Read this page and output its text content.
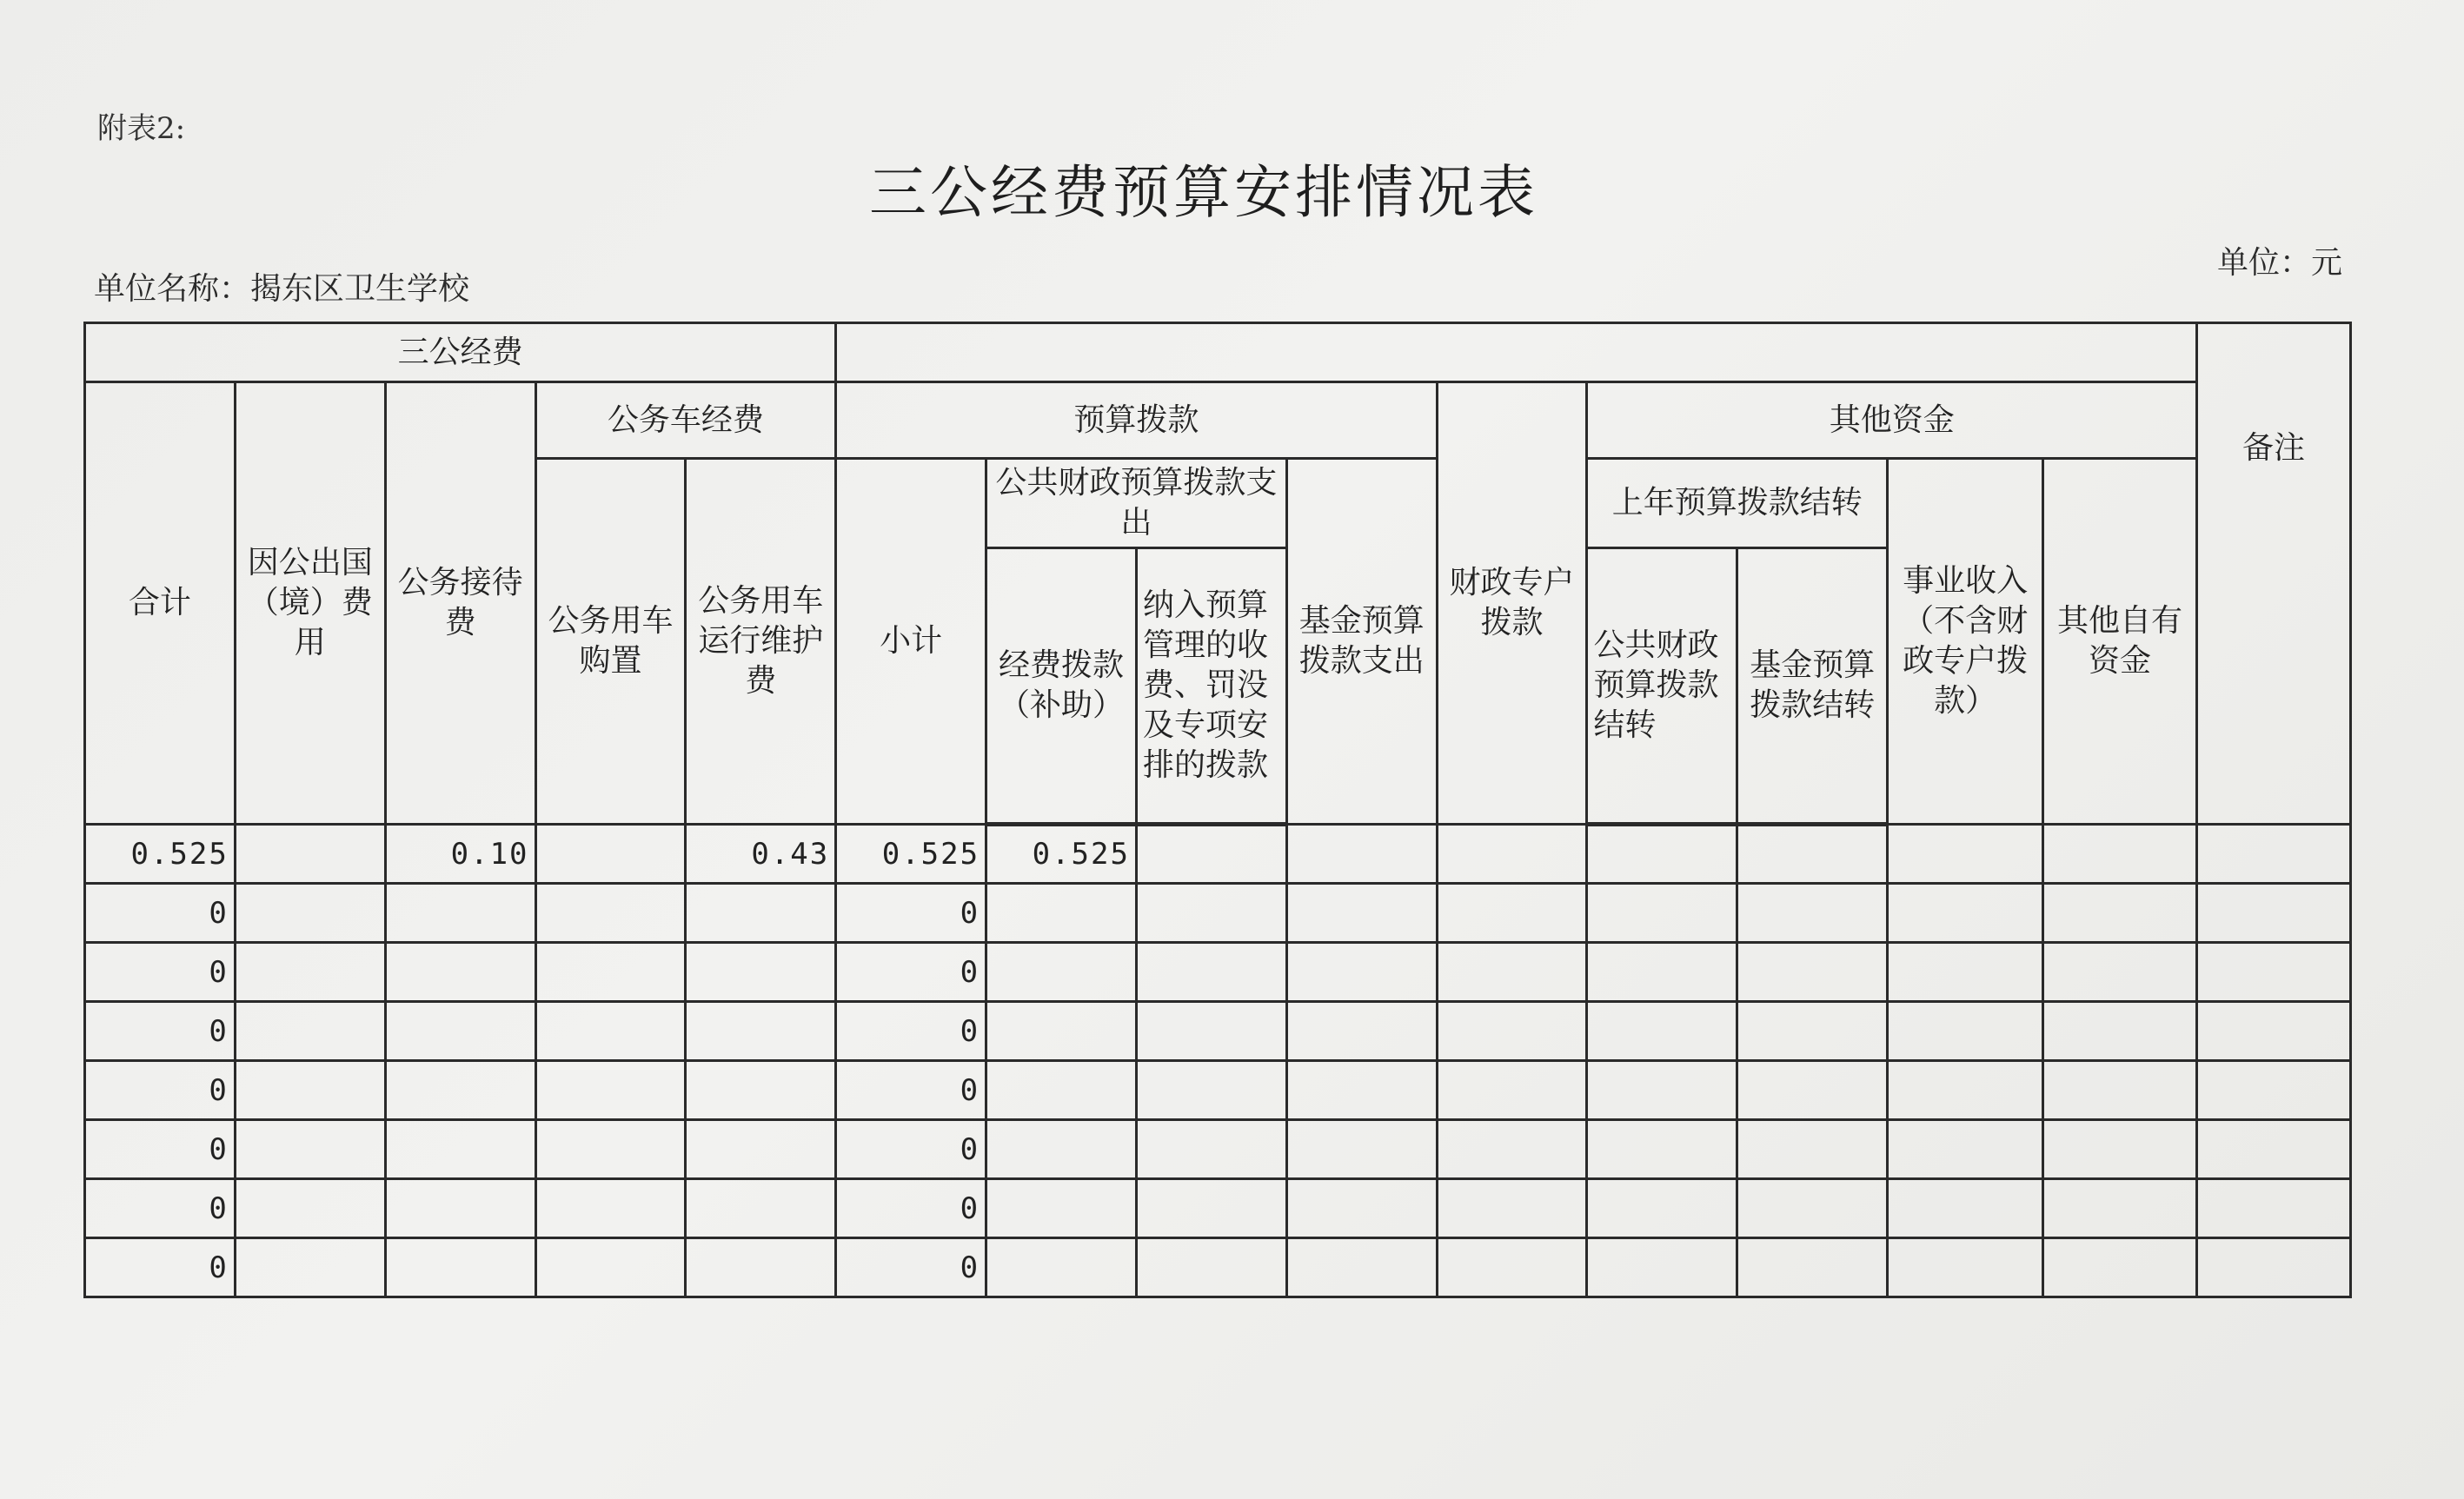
附表2:
三公经费预算安排情况表
单位名称：揭东区卫生学校
单位：元
三公经费														备注
合计	因公出国（境）费用	公务接待费	公务车经费		预算拨款				财政专户拨款	其他资金				
			公务用车购置	公务用车运行维护费	小计	公共财政预算拨款支出		基金预算拨款支出		上年预算拨款结转		事业收入（不含财政专户拨款）	其他自有资金	
						经费拨款（补助）	纳入预算管理的收费、罚没及专项安排的拨款			公共财政预算拨款结转	基金预算拨款结转			
0.525		0.10		0.43	0.525	0.525								
0					0									
0					0									
0					0									
0					0									
0					0									
0					0									
0					0									
